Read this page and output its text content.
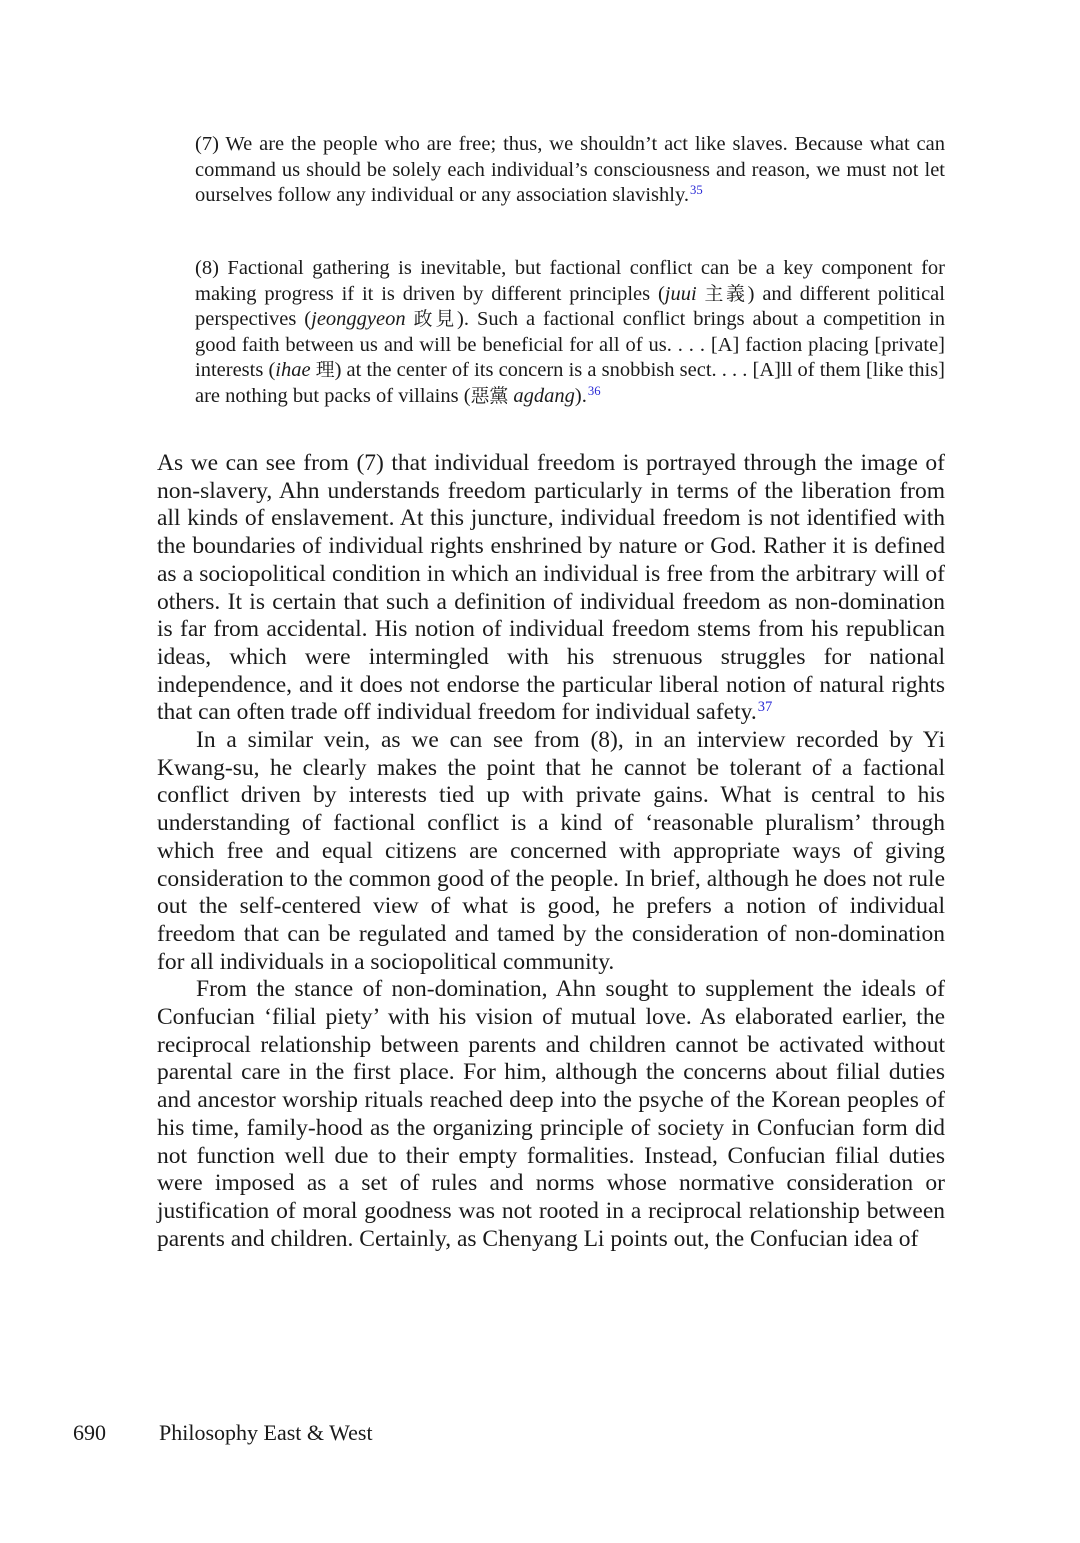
(7) We are the people who are free; thus, we shouldn’t act like slaves. Because what can command us should be solely each individual’s consciousness and reason, we must not let ourselves follow any individual or any association slavishly.$^{35}$

(8) Factional gathering is inevitable, but factional conflict can be a key component for making progress if it is driven by different principles (juui 主義) and different political perspectives (jeonggyeon 政見). Such a factional conflict brings about a competition in good faith between us and will be beneficial for all of us. . . . [A] faction placing [private] interests (ihae 理) at the center of its concern is a snobbish sect. . . . [A]ll of them [like this] are nothing but packs of villains (惡黨 agdang).$^{36}$

As we can see from (7) that individual freedom is portrayed through the image of non-slavery, Ahn understands freedom particularly in terms of the liberation from all kinds of enslavement. At this juncture, individual freedom is not identified with the boundaries of individual rights enshrined by nature or God. Rather it is defined as a sociopolitical condition in which an individual is free from the arbitrary will of others. It is certain that such a definition of individual freedom as non-domination is far from accidental. His notion of individual freedom stems from his republican ideas, which were intermingled with his strenuous struggles for national independence, and it does not endorse the particular liberal notion of natural rights that can often trade off individual freedom for individual safety.$^{37}$

In a similar vein, as we can see from (8), in an interview recorded by Yi Kwang-su, he clearly makes the point that he cannot be tolerant of a factional conflict driven by interests tied up with private gains. What is central to his understanding of factional conflict is a kind of ‘reasonable pluralism’ through which free and equal citizens are concerned with appropriate ways of giving consideration to the common good of the people. In brief, although he does not rule out the self-centered view of what is good, he prefers a notion of individual freedom that can be regulated and tamed by the consideration of non-domination for all individuals in a sociopolitical community.

From the stance of non-domination, Ahn sought to supplement the ideals of Confucian ‘filial piety’ with his vision of mutual love. As elaborated earlier, the reciprocal relationship between parents and children cannot be activated without parental care in the first place. For him, although the concerns about filial duties and ancestor worship rituals reached deep into the psyche of the Korean peoples of his time, family-hood as the organizing principle of society in Confucian form did not function well due to their empty formalities. Instead, Confucian filial duties were imposed as a set of rules and norms whose normative consideration or justification of moral goodness was not rooted in a reciprocal relationship between parents and children. Certainly, as Chenyang Li points out, the Confucian idea of

690 Philosophy East & West
